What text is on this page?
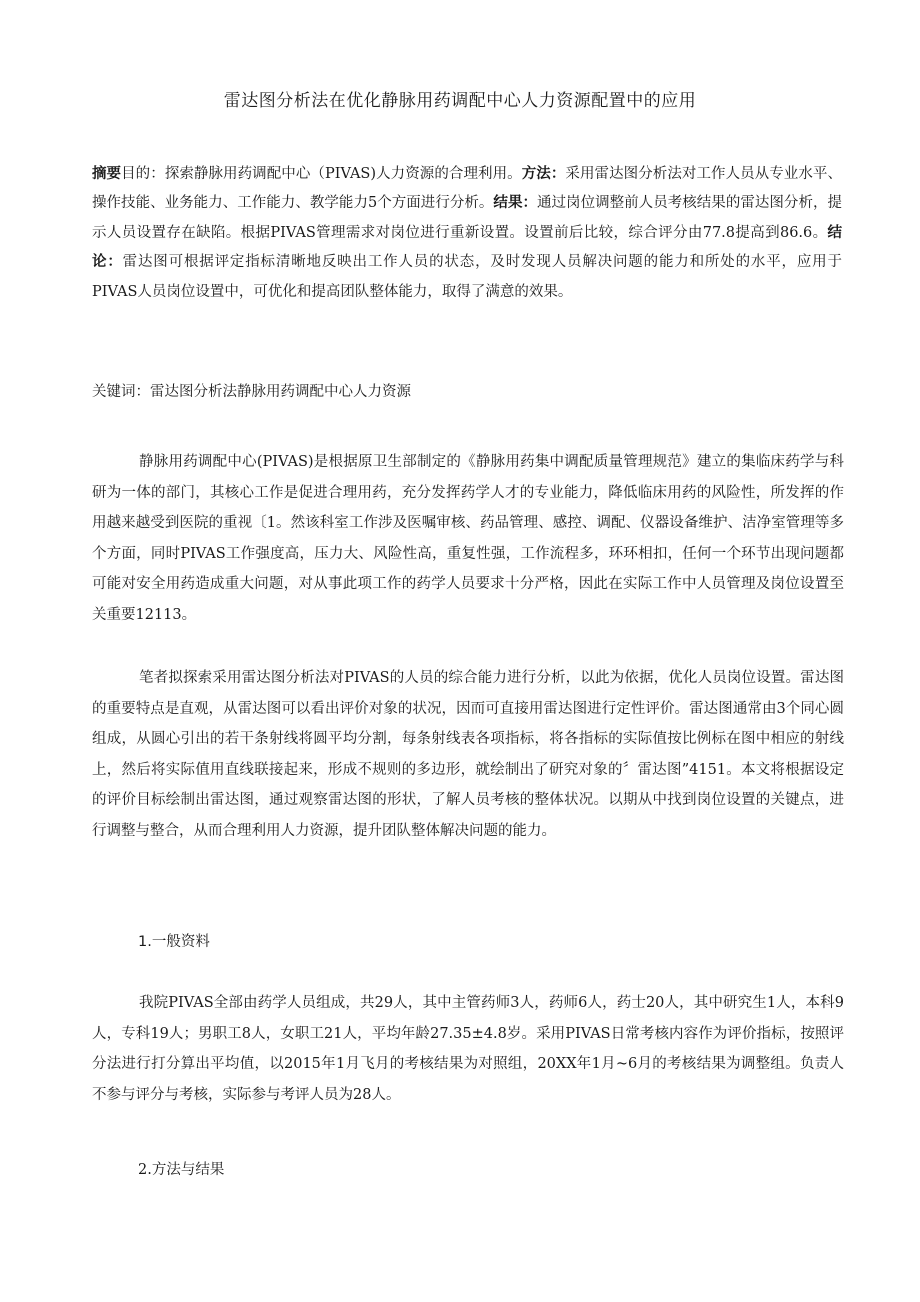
雷达图分析法在优化静脉用药调配中心人力资源配置中的应用
摘要目的：探索静脉用药调配中心（PIVAS)人力资源的合理利用。方法：采用雷达图分析法对工作人员从专业水平、操作技能、业务能力、工作能力、教学能力5个方面进行分析。结果：通过岗位调整前人员考核结果的雷达图分析，提示人员设置存在缺陷。根据PIVAS管理需求对岗位进行重新设置。设置前后比较，综合评分由77.8提高到86.6。结论：雷达图可根据评定指标清晰地反映出工作人员的状态，及时发现人员解决问题的能力和所处的水平，应用于PIVAS人员岗位设置中，可优化和提高团队整体能力，取得了满意的效果。
关键词：雷达图分析法静脉用药调配中心人力资源

静脉用药调配中心(PIVAS)是根据原卫生部制定的《静脉用药集中调配质量管理规范》建立的集临床药学与科研为一体的部门，其核心工作是促进合理用药，充分发挥药学人才的专业能力，降低临床用药的风险性，所发挥的作用越来越受到医院的重视〔1。然该科室工作涉及医嘱审核、药品管理、感控、调配、仪器设备维护、洁净室管理等多个方面，同时PIVAS工作强度高，压力大、风险性高，重复性强，工作流程多，环环相扣，任何一个环节出现问题都可能对安全用药造成重大问题，对从事此项工作的药学人员要求十分严格，因此在实际工作中人员管理及岗位设置至关重要12113。

笔者拟探索采用雷达图分析法对PIVAS的人员的综合能力进行分析，以此为依据，优化人员岗位设置。雷达图的重要特点是直观，从雷达图可以看出评价对象的状况，因而可直接用雷达图进行定性评价。雷达图通常由3个同心圆组成，从圆心引出的若干条射线将圆平均分割，每条射线表各项指标，将各指标的实际值按比例标在图中相应的射线上，然后将实际值用直线联接起来，形成不规则的多边形，就绘制出了研究对象的〞雷达图”4151。本文将根据设定的评价目标绘制出雷达图，通过观察雷达图的形状，了解人员考核的整体状况。以期从中找到岗位设置的关键点，进行调整与整合，从而合理利用人力资源，提升团队整体解决问题的能力。

1.一般资料

我院PIVAS全部由药学人员组成，共29人，其中主管药师3人，药师6人，药士20人，其中研究生1人，本科9人，专科19人；男职工8人，女职工21人，平均年龄27.35±4.8岁。采用PIVAS日常考核内容作为评价指标，按照评分法进行打分算出平均值，以2015年1月飞月的考核结果为对照组，20XX年1月~6月的考核结果为调整组。负责人不参与评分与考核，实际参与考评人员为28人。

2.方法与结果
